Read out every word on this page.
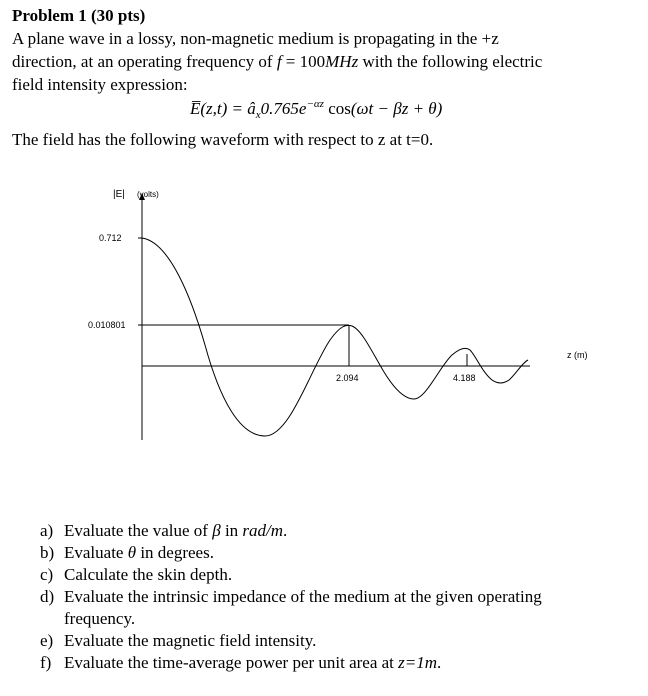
Problem 1 (30 pts)
A plane wave in a lossy, non-magnetic medium is propagating in the +z
direction, at an operating frequency of f = 100MHz with the following electric
field intensity expression:
E̅(z,t) = $â_x0.765e^{-\alpha z}$ cos(ωt − βz + θ)
The field has the following waveform with respect to z at t=0.
|E| (volts)
0.712
0.010801
2.094	4.188
z (m)
a) Evaluate the value of β in rad/m.
b) Evaluate θ in degrees.
c) Calculate the skin depth.
d) Evaluate the intrinsic impedance of the medium at the given operating
frequency.
e) Evaluate the magnetic field intensity.
f) Evaluate the time-average power per unit area at z=1m.
